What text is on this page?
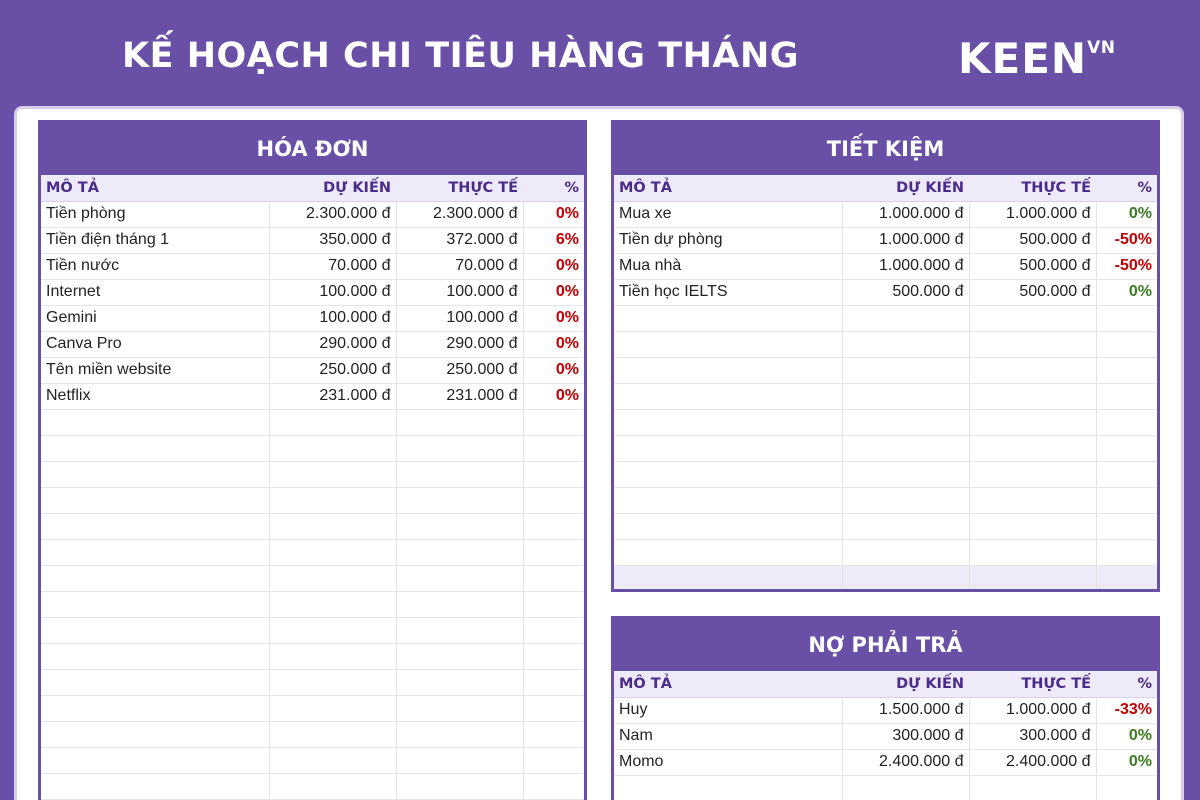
KẾ HOẠCH CHI TIÊU HÀNG THÁNG	KEENVN
HÓA ĐƠN
MÔ TẢ	DỰ KIẾN	THỰC TẾ	%
Tiền phòng	2.300.000 đ	2.300.000 đ	0%
Tiền điện tháng 1	350.000 đ	372.000 đ	6%
Tiền nước	70.000 đ	70.000 đ	0%
Internet	100.000 đ	100.000 đ	0%
Gemini	100.000 đ	100.000 đ	0%
Canva Pro	290.000 đ	290.000 đ	0%
Tên miền website	250.000 đ	250.000 đ	0%
Netflix	231.000 đ	231.000 đ	0%

TIẾT KIỆM
MÔ TẢ	DỰ KIẾN	THỰC TẾ	%
Mua xe	1.000.000 đ	1.000.000 đ	0%
Tiền dự phòng	1.000.000 đ	500.000 đ	-50%
Mua nhà	1.000.000 đ	500.000 đ	-50%
Tiền học IELTS	500.000 đ	500.000 đ	0%

NỢ PHẢI TRẢ
MÔ TẢ	DỰ KIẾN	THỰC TẾ	%
Huy	1.500.000 đ	1.000.000 đ	-33%
Nam	300.000 đ	300.000 đ	0%
Momo	2.400.000 đ	2.400.000 đ	0%
